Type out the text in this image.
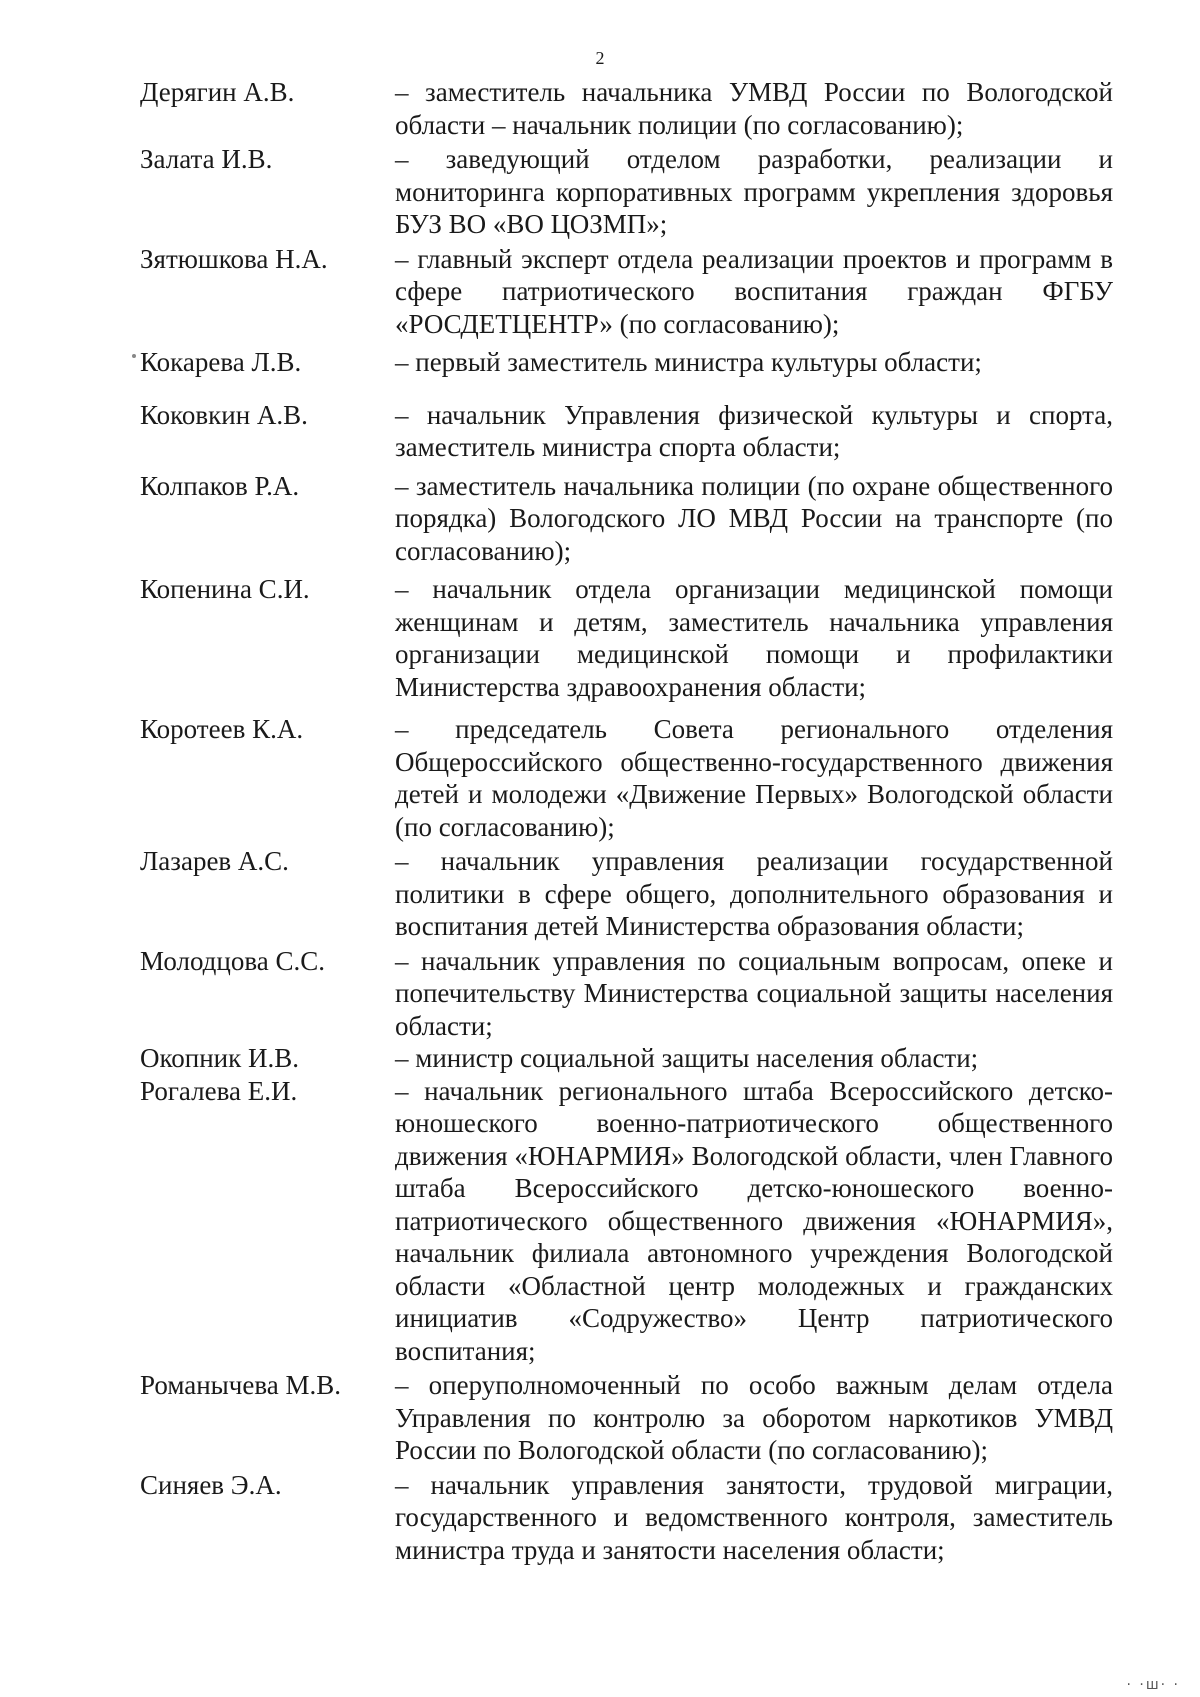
2
Дерягин А.В.	– заместитель начальника УМВД России по Вологодской области – начальник полиции (по согласованию);
Залата И.В.	– заведующий отделом разработки, реализации и мониторинга корпоративных программ укрепления здоровья БУЗ ВО «ВО ЦОЗМП»;
Зятюшкова Н.А.	– главный эксперт отдела реализации проектов и программ в сфере патриотического воспитания граждан ФГБУ «РОСДЕТЦЕНТР» (по согласованию);
Кокарева Л.В.	– первый заместитель министра культуры области;
Коковкин А.В.	– начальник Управления физической культуры и спорта, заместитель министра спорта области;
Колпаков Р.А.	– заместитель начальника полиции (по охране общественного порядка) Вологодского ЛО МВД России на транспорте (по согласованию);
Копенина С.И.	– начальник отдела организации медицинской помощи женщинам и детям, заместитель начальника управления организации медицинской помощи и профилактики Министерства здравоохранения области;
Коротеев К.А.	– председатель Совета регионального отделения Общероссийского общественно-государственного движения детей и молодежи «Движение Первых» Вологодской области (по согласованию);
Лазарев А.С.	– начальник управления реализации государственной политики в сфере общего, дополнительного образования и воспитания детей Министерства образования области;
Молодцова С.С.	– начальник управления по социальным вопросам, опеке и попечительству Министерства социальной защиты населения области;
Окопник И.В.	– министр социальной защиты населения области;
Рогалева Е.И.	– начальник регионального штаба Всероссийского детско-юношеского военно-патриотического общественного движения «ЮНАРМИЯ» Вологодской области, член Главного штаба Всероссийского детско-юношеского военно-патриотического общественного движения «ЮНАРМИЯ», начальник филиала автономного учреждения Вологодской области «Областной центр молодежных и гражданских инициатив «Содружество» Центр патриотического воспитания;
Романычева М.В.	– оперуполномоченный по особо важным делам отдела Управления по контролю за оборотом наркотиков УМВД России по Вологодской области (по согласованию);
Синяев Э.А.	– начальник управления занятости, трудовой миграции, государственного и ведомственного контроля, заместитель министра труда и занятости населения области;
· ·ш· ·
